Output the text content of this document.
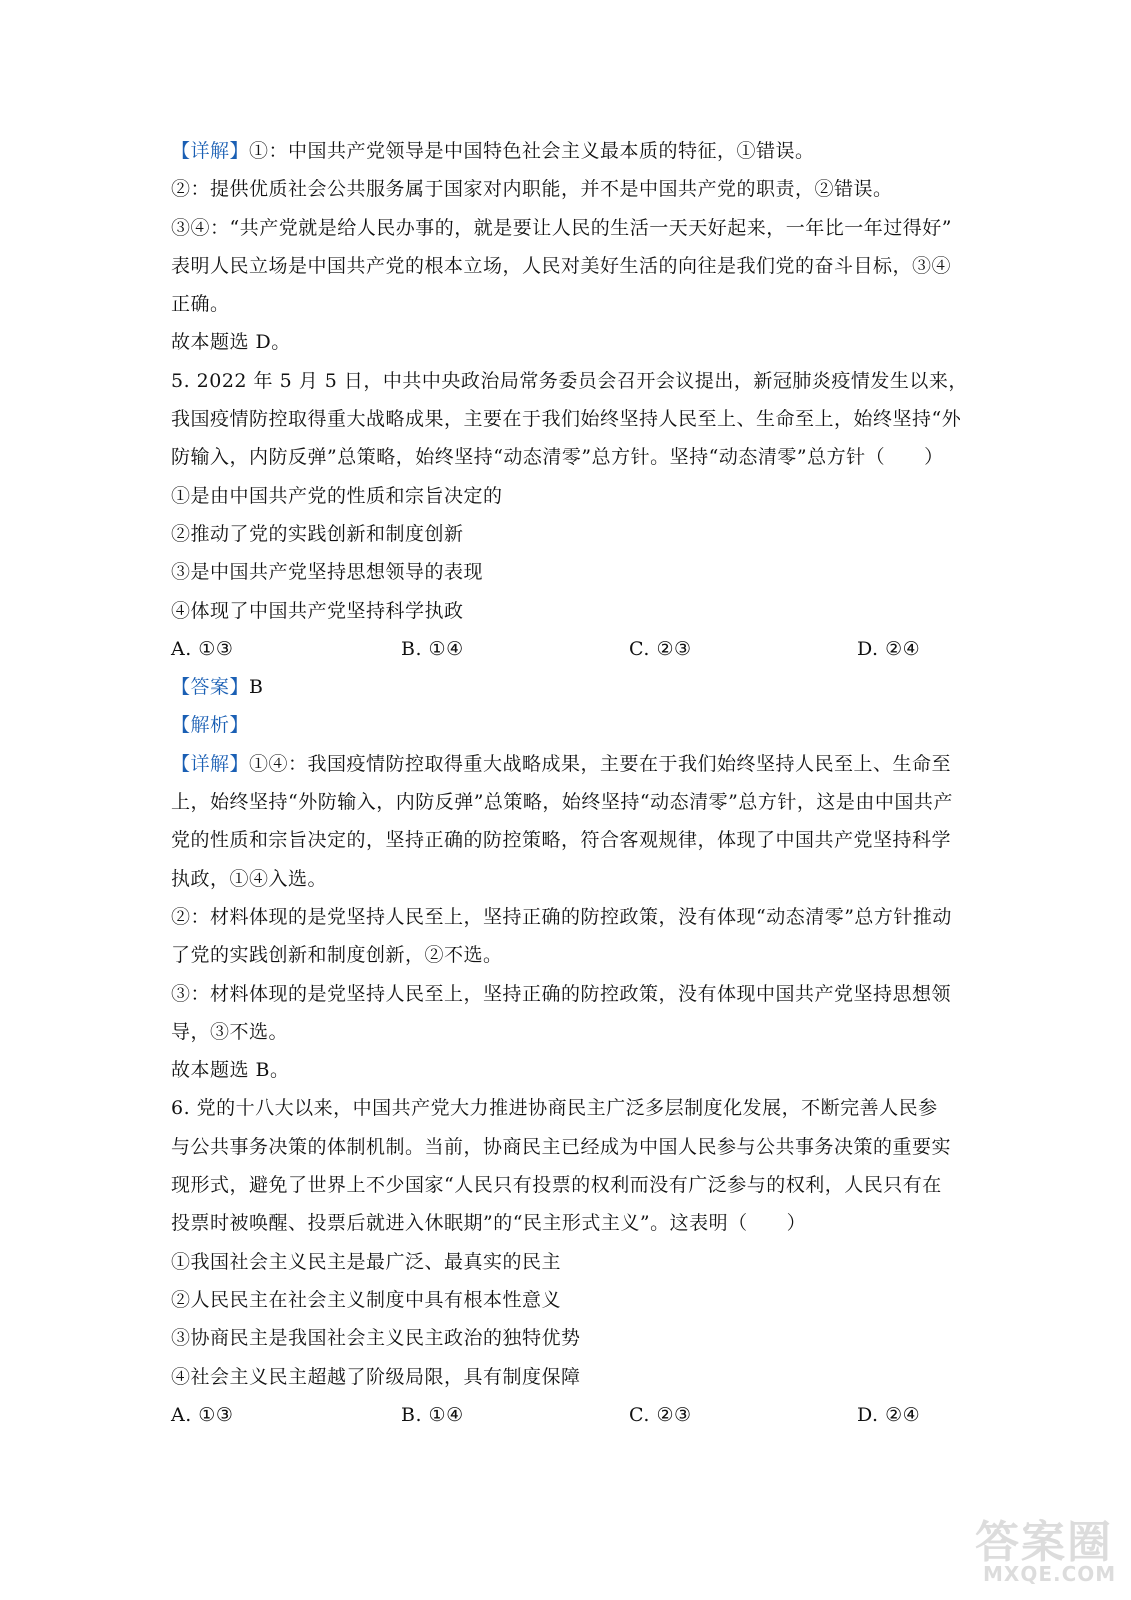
【详解】①：中国共产党领导是中国特色社会主义最本质的特征，①错误。
②：提供优质社会公共服务属于国家对内职能，并不是中国共产党的职责，②错误。
③④：“共产党就是给人民办事的，就是要让人民的生活一天天好起来，一年比一年过得好”
表明人民立场是中国共产党的根本立场，人民对美好生活的向往是我们党的奋斗目标，③④
正确。
故本题选 D。
5. 2022 年 5 月 5 日，中共中央政治局常务委员会召开会议提出，新冠肺炎疫情发生以来，
我国疫情防控取得重大战略成果，主要在于我们始终坚持人民至上、生命至上，始终坚持“外
防输入，内防反弹”总策略，始终坚持“动态清零”总方针。坚持“动态清零”总方针（　　）
①是由中国共产党的性质和宗旨决定的
②推动了党的实践创新和制度创新
③是中国共产党坚持思想领导的表现
④体现了中国共产党坚持科学执政
A. ①③	B. ①④	C. ②③	D. ②④
【答案】B
【解析】
【详解】①④：我国疫情防控取得重大战略成果，主要在于我们始终坚持人民至上、生命至
上，始终坚持“外防输入，内防反弹”总策略，始终坚持“动态清零”总方针，这是由中国共产
党的性质和宗旨决定的，坚持正确的防控策略，符合客观规律，体现了中国共产党坚持科学
执政，①④入选。
②：材料体现的是党坚持人民至上，坚持正确的防控政策，没有体现“动态清零”总方针推动
了党的实践创新和制度创新，②不选。
③：材料体现的是党坚持人民至上，坚持正确的防控政策，没有体现中国共产党坚持思想领
导，③不选。
故本题选 B。
6. 党的十八大以来，中国共产党大力推进协商民主广泛多层制度化发展，不断完善人民参
与公共事务决策的体制机制。当前，协商民主已经成为中国人民参与公共事务决策的重要实
现形式，避免了世界上不少国家“人民只有投票的权利而没有广泛参与的权利，人民只有在
投票时被唤醒、投票后就进入休眠期”的“民主形式主义”。这表明（　　）
①我国社会主义民主是最广泛、最真实的民主
②人民民主在社会主义制度中具有根本性意义
③协商民主是我国社会主义民主政治的独特优势
④社会主义民主超越了阶级局限，具有制度保障
A. ①③	B. ①④	C. ②③	D. ②④
答案圈
MXQE.COM
